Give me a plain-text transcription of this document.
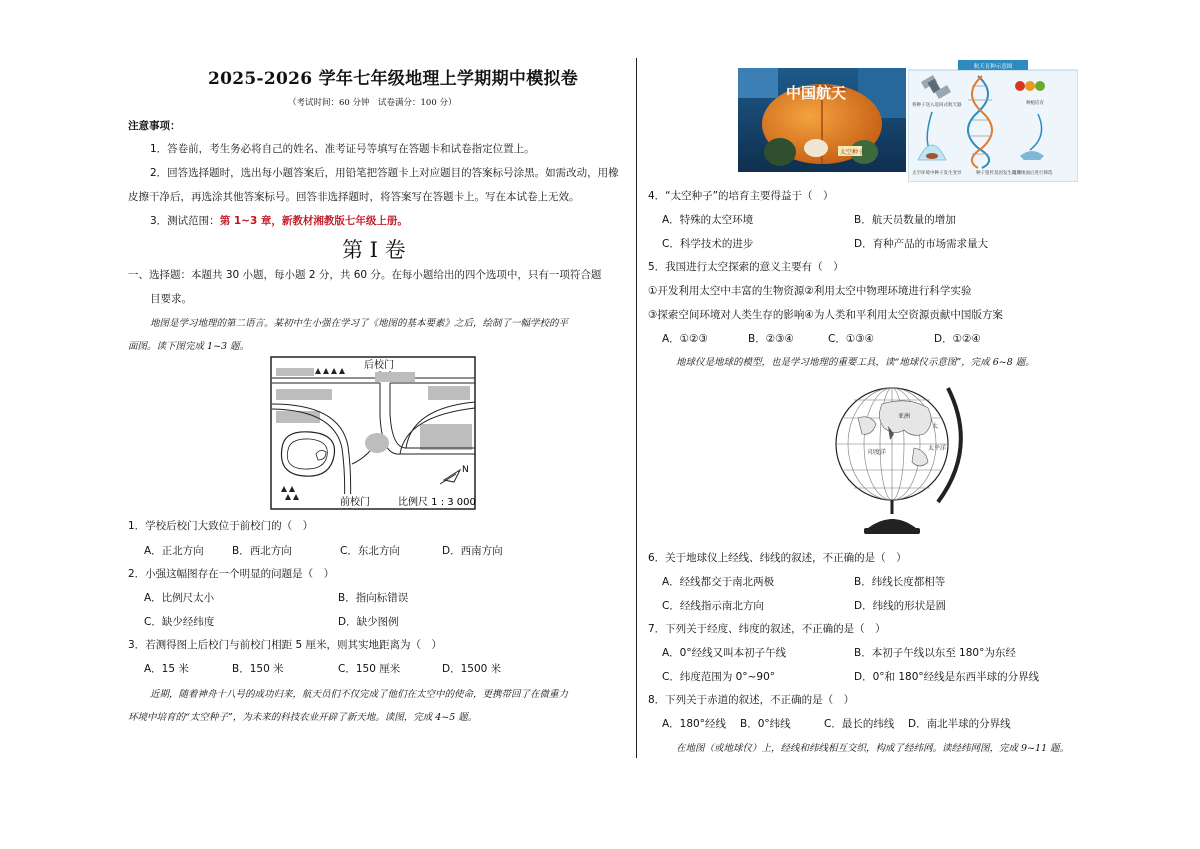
2025-2026 学年七年级地理上学期期中模拟卷
（考试时间：60 分钟　试卷满分：100 分）
注意事项：
1．答卷前，考生务必将自己的姓名、准考证号等填写在答题卡和试卷指定位置上。
2．回答选择题时，选出每小题答案后，用铅笔把答题卡上对应题目的答案标号涂黑。如需改动，用橡
皮擦干净后，再选涂其他答案标号。回答非选择题时，将答案写在答题卡上。写在本试卷上无效。
3．测试范围：第 1~3 章，新教材湘教版七年级上册。
第 I 卷
一、选择题：本题共 30 小题，每小题 2 分，共 60 分。在每小题给出的四个选项中，只有一项符合题
目要求。
地图是学习地理的第二语言。某初中生小强在学习了《地图的基本要素》之后，绘制了一幅学校的平
面图。读下图完成 1~3 题。
N
后校门
前校门	比例尺 1 : 3 000
1．学校后校门大致位于前校门的（　）
A．正北方向	B．西北方向	C．东北方向	D．西南方向
2．小强这幅图存在一个明显的问题是（　）
A．比例尺太小	B．指向标错误
C．缺少经纬度	D．缺少图例
3．若测得图上后校门与前校门相距 5 厘米，则其实地距离为（　）
A．15 米	B．150 米	C．150 厘米	D．1500 米
近期，随着神舟十八号的成功归来，航天员们不仅完成了他们在太空中的使命，更携带回了在微重力
环境中培育的“太空种子”，为未来的科技农业开辟了新天地。读图，完成 4~5 题。
中国航天
太空种子
航天育种示意图
将种子送入返回式航天器
太空环境中种子发生变异	种子遗传基因发生改变
种植培育
返回地面后进行筛选
4．“太空种子”的培育主要得益于（　）
A．特殊的太空环境	B．航天员数量的增加
C．科学技术的进步	D．育种产品的市场需求量大
5．我国进行太空探索的意义主要有（　）
①开发利用太空中丰富的生物资源②利用太空中物理环境进行科学实验
③探索空间环境对人类生存的影响④为人类和平利用太空资源贡献中国版方案
A．①②③	B．②③④	C．①③④	D．①②④
地球仪是地球的模型，也是学习地理的重要工具，读“地球仪示意图”，完成 6~8 题。
亚洲
太
太平洋
印度洋
6．关于地球仪上经线、纬线的叙述，不正确的是（　）
A．经线都交于南北两极	B．纬线长度都相等
C．经线指示南北方向	D．纬线的形状是圆
7．下列关于经度、纬度的叙述，不正确的是（　）
A．0°经线又叫本初子午线	B．本初子午线以东至 180°为东经
C．纬度范围为 0°~90°	D．0°和 180°经线是东西半球的分界线
8．下列关于赤道的叙述，不正确的是（　）
A．180°经线 B．0°纬线	C．最长的纬线 D．南北半球的分界线
在地图（或地球仪）上，经线和纬线相互交织，构成了经纬网。读经纬网图，完成 9~11 题。
